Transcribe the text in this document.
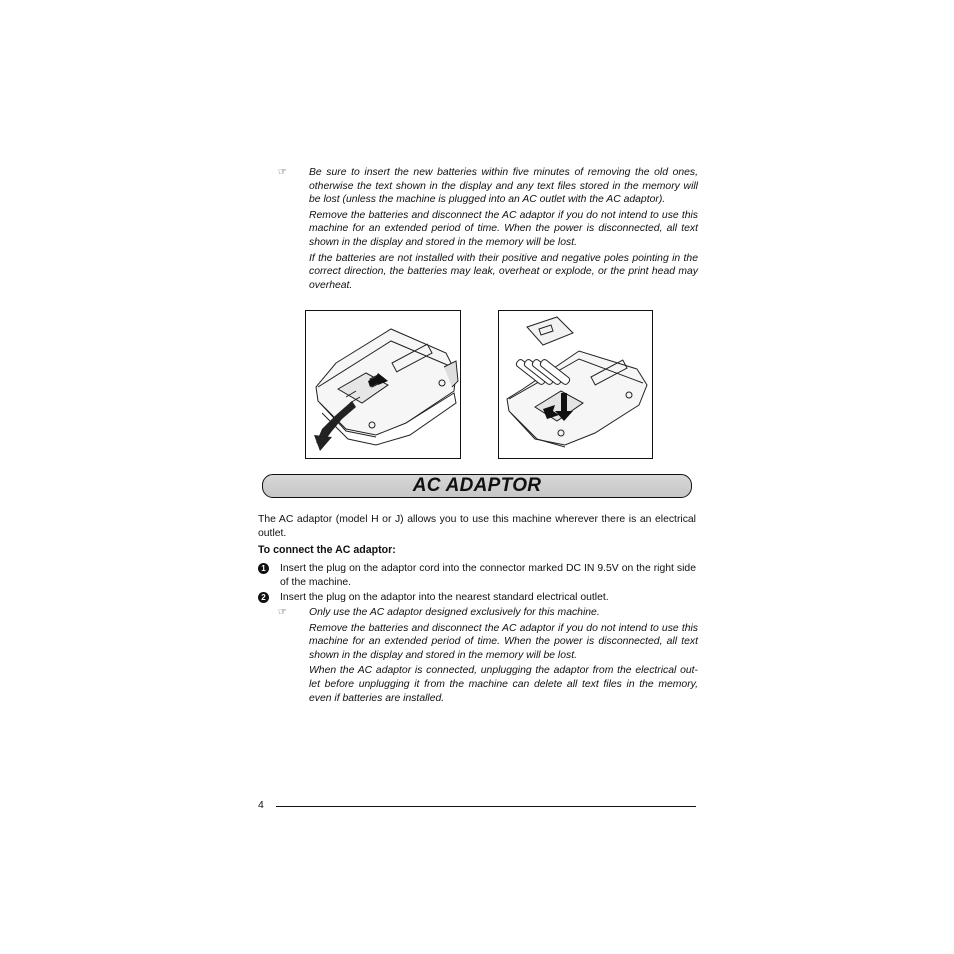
☞ Be sure to insert the new batteries within five minutes of removing the old ones, otherwise the text shown in the display and any text files stored in the memory will be lost (unless the machine is plugged into an AC outlet with the AC adaptor).

Remove the batteries and disconnect the AC adaptor if you do not intend to use this machine for an extended period of time. When the power is disconnected, all text shown in the display and stored in the memory will be lost.

If the batteries are not installed with their positive and negative poles pointing in the correct direction, the batteries may leak, overheat or explode, or the print head may overheat.

AC ADAPTOR
The AC adaptor (model H or J) allows you to use this machine wherever there is an electrical outlet.
To connect the AC adaptor:
1	Insert the plug on the adaptor cord into the connector marked DC IN 9.5V on the right side of the machine.
2	Insert the plug on the adaptor into the nearest standard electrical outlet.
☞ Only use the AC adaptor designed exclusively for this machine.

Remove the batteries and disconnect the AC adaptor if you do not intend to use this machine for an extended period of time. When the power is disconnected, all text shown in the display and stored in the memory will be lost.

When the AC adaptor is connected, unplugging the adaptor from the electrical out-let before unplugging it from the machine can delete all text files in the memory, even if batteries are installed.

4
